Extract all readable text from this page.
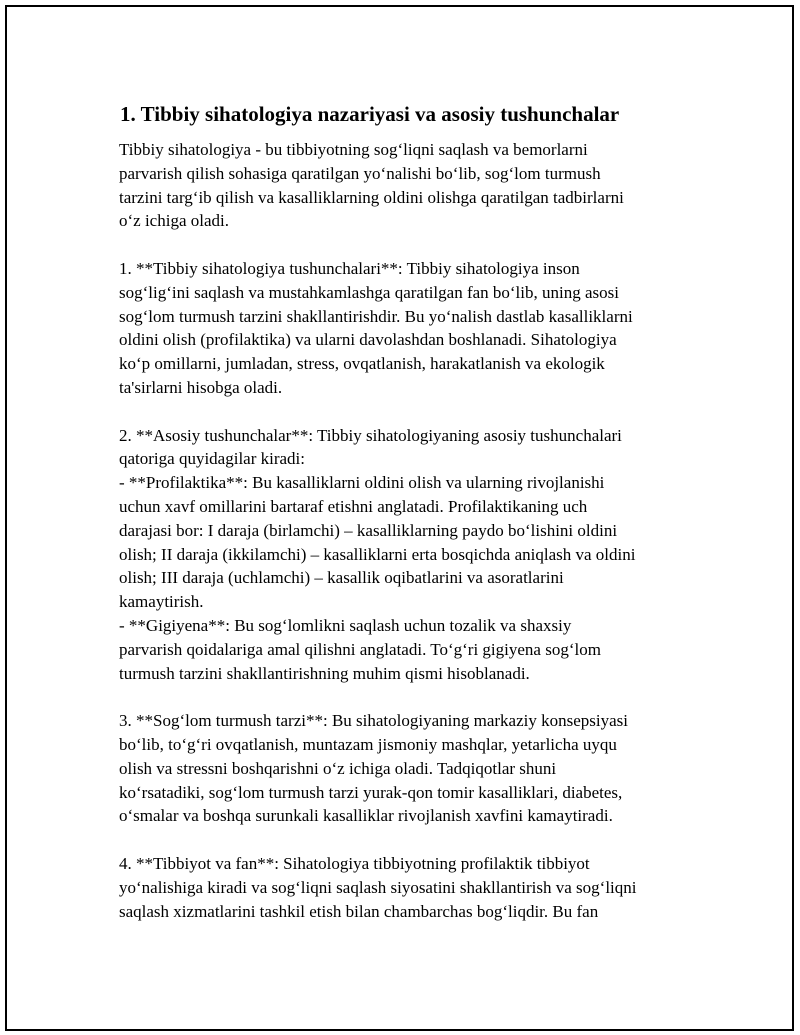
1. Tibbiy sihatologiya nazariyasi va asosiy tushunchalar

Tibbiy sihatologiya - bu tibbiyotning sog‘liqni saqlash va bemorlarni
parvarish qilish sohasiga qaratilgan yo‘nalishi bo‘lib, sog‘lom turmush
tarzini targ‘ib qilish va kasalliklarning oldini olishga qaratilgan tadbirlarni
o‘z ichiga oladi.

1. **Tibbiy sihatologiya tushunchalari**: Tibbiy sihatologiya inson
sog‘lig‘ini saqlash va mustahkamlashga qaratilgan fan bo‘lib, uning asosi
sog‘lom turmush tarzini shakllantirishdir. Bu yo‘nalish dastlab kasalliklarni
oldini olish (profilaktika) va ularni davolashdan boshlanadi. Sihatologiya
ko‘p omillarni, jumladan, stress, ovqatlanish, harakatlanish va ekologik
ta'sirlarni hisobga oladi.

2. **Asosiy tushunchalar**: Tibbiy sihatologiyaning asosiy tushunchalari
qatoriga quyidagilar kiradi:
- **Profilaktika**: Bu kasalliklarni oldini olish va ularning rivojlanishi
uchun xavf omillarini bartaraf etishni anglatadi. Profilaktikaning uch
darajasi bor: I daraja (birlamchi) – kasalliklarning paydo bo‘lishini oldini
olish; II daraja (ikkilamchi) – kasalliklarni erta bosqichda aniqlash va oldini
olish; III daraja (uchlamchi) – kasallik oqibatlarini va asoratlarini
kamaytirish.
- **Gigiyena**: Bu sog‘lomlikni saqlash uchun tozalik va shaxsiy
parvarish qoidalariga amal qilishni anglatadi. To‘g‘ri gigiyena sog‘lom
turmush tarzini shakllantirishning muhim qismi hisoblanadi.

3. **Sog‘lom turmush tarzi**: Bu sihatologiyaning markaziy konsepsiyasi
bo‘lib, to‘g‘ri ovqatlanish, muntazam jismoniy mashqlar, yetarlicha uyqu
olish va stressni boshqarishni o‘z ichiga oladi. Tadqiqotlar shuni
ko‘rsatadiki, sog‘lom turmush tarzi yurak-qon tomir kasalliklari, diabetes,
o‘smalar va boshqa surunkali kasalliklar rivojlanish xavfini kamaytiradi.

4. **Tibbiyot va fan**: Sihatologiya tibbiyotning profilaktik tibbiyot
yo‘nalishiga kiradi va sog‘liqni saqlash siyosatini shakllantirish va sog‘liqni
saqlash xizmatlarini tashkil etish bilan chambarchas bog‘liqdir. Bu fan
